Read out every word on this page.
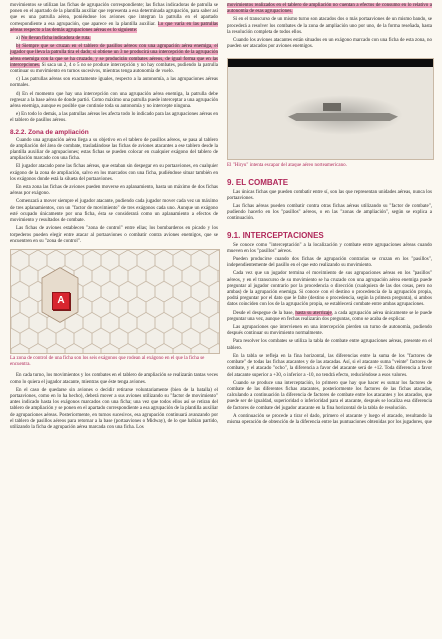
movimientos se utilizan las fichas de agrupación correspondiente; las fichas indicadoras de patrulla se ponen en el apartado de la plantilla auxiliar que representa a esa determinada agrupación, para saber así que es una patrulla aérea, poniéndose los aviones que integran la patrulla en el apartado correspondiente a esa agrupación, que aparece en la plantilla auxiliar. Lo que varía en las patrullas aéreas respecto a las demás agrupaciones aéreas es lo siguiente:

a) No llevan ficha indicadora de ruta.

b) Siempre que se cruzan en el tablero de pasillos aéreos con una agrupación aérea enemiga, el jugador que lleva la patrulla tira el dado; si obtiene un 3 ne producirá una intercepción de la agrupación aérea enemiga con la que se ha cruzado, y se producirán combates aéreos, de igual forma que en las intercepciones. Si saca un 2, 4 o 5 no se produce intercepción y no hay combates, pudiendo la patrulla continuar su movimiento en turnos sucesivos, mientras tenga autonomía de vuelo.

c) Las patrullas aéreas son exactamente iguales, respecto a la autonomía, a las agrupaciones aéreas normales.

d) En el momento que hay una intercepción con una agrupación aérea enemiga, la patrulla debe regresar a la base aérea de donde partió. Como máximo una patrulla puede interceptar a una agrupación aérea enemiga, aunque es posible que continúe toda su autonomía y no intercepte ninguna.

e) En todo lo demás, a las patrullas aéreas les afecta todo lo indicado para las agrupaciones aéreas en el tablero de pasillos aéreos.

8.2.2. Zona de ampliación

Cuando una agrupación aérea llega a su objetivo en el tablero de pasillos aéreos, se pasa al tablero de ampliación del área de combate, trasladándose las fichas de aviones atacantes a ese tablero desde la plantilla auxiliar de agrupaciones; estas fichas se pueden colocar en cualquier exágono del tablero de ampliación marcado con una ficha.

El jugador atacado pone las fichas aéreas, que estaban sin despegar en su portaaviones, en cualquier exágono de la zona de ampliación, salvo en los marcados con una ficha, pudiéndose situar también en los exágonos donde está la silueta del portaaviones.

En esta zona las fichas de aviones pueden moverse en aplanamiento, hasta un máximo de dos fichas aéreas por exágono.

Comenzará a mover siempre el jugador atacante, pudiendo cada jugador mover cada vez un máximo de tres aplanamientos, con un "factor de movimiento" de tres exágonos cada uno. Aunque un exágono esté ocupado únicamente por una ficha, ésta se considerará como un aplanamiento a efectos de movimiento y resultados de combate.

Las fichas de aviones establecen "zona de control" entre ellas; los bombarderos en picado y los torpederos pueden elegir entre atacar al portaaviones o combatir contra aviones enemigos, que se encuentren en su "zona de control".

A

La zona de control de una ficha son los seis exágonos que rodean al exágono en el que la ficha se encuentra.

En cada turno, los movimientos y los combates en el tablero de ampliación se realizarán tantas veces como lo quiera el jugador atacante, mientras que éste tenga aviones.

En el caso de quedarse sin aviones o decidir retirarse voluntariamente (bien de la batalla) el portaaviones, como en lo ha hecho), deberá mover a sus aviones utilizando su "factor de movimiento" antes indicado hasta los exágonos marcados con una ficha; una vez que todos ellos así se retiran del tablero de ampliación y se ponen en el apartado correspondiente a esa agrupación de la plantilla auxiliar de agrupaciones aéreas. Posteriormente, en turnos sucesivos, esa agrupación continuará avanzando por el tablero de pasillos aéreos para retornar a la base (portaaviones o Midway), de lo que habían partido, utilizando la ficha de agrupación aérea marcada con una ficha. Los

movimientos realizados en el tablero de ampliación no cuentan a efectos de consumo en lo relativo a autonomía de esas agrupaciones.

Si en el transcurso de un mismo turno son atacados dos o más portaaviones de un mismo bando, se procederá a resolver los combates de la zona de ampliación uno por uno, de la forma reseñada, hasta la resolución completa de todos ellos.

Cuando los aviones atacantes están situados en un exágono marcado con una ficha de esta zona, no pueden ser atacados por aviones enemigos.

El "Hiryu" intenta escapar del ataque aéreo norteamericano.

9. EL COMBATE

Las únicas fichas que pueden combatir entre sí, son las que representan unidades aéreas, nunca los portaaviones.

Las fichas aéreas pueden combatir contra otras fichas aéreas utilizando su "factor de combate", pudiendo hacerlo en los "pasillos" aéreos, o en las "zonas de ampliación", según se explica a continuación.

9.1. INTERCEPTACIONES

Se conoce como "interceptación" a la localización y combate entre agrupaciones aéreas cuando mueven en los "pasillos" aéreos.

Pueden producirse cuando dos fichas de agrupación contrarias se cruzan en los "pasillos", independientemente del pasillo en el que esto realizando su movimiento.

Cada vez que un jugador termina el movimiento de sus agrupaciones aéreas en los "pasillos" aéreos, y en el transcurso de su movimiento se ha cruzado con una agrupación aérea enemiga puede preguntar al jugador contrario por la procedencia o dirección (cualquiera de las dos cosas, pero no ambas) de la agrupación enemiga. Si conoce con el destino o procedencia de la agrupación propia, podrá preguntar por el dato que le falte (destino o procedencia, según la primera pregunta), si ambos datos coinciden con los de la agrupación propia, se establecerá combate entre ambas agrupaciones.

Desde el despegue de la base, hasta su aterrizaje, a cada agrupación aérea únicamente se le puede preguntar una vez, aunque en fechas realizarán dos preguntas, como se acaba de explicar.

Las agrupaciones que intervienen en una intercepción pierden un turno de autonomía, pudiendo después continuar su movimiento normalmente.

Para resolver los combates se utiliza la tabla de combate entre agrupaciones aéreas, presente en el tablero.

En la tabla se refleja en la fina horizontal, las diferencias entre la suma de los "factores de combate" de todas las fichas atacantes y de las atacadas. Así, si el atacante suma "veinte" factores de combate, y el atacado "ocho", la diferencia a favor del atacante será de +12. Toda diferencia a favor del atacante superior a +30, o inferior a -10, no tendrá efecto, reduciéndose a esos valores.

Cuando se produce una interceptación, lo primero que hay que hacer es sumar los factores de combate de las diferentes fichas atacantes, posteriormente los factores de las fichas atacadas, calculando a continuación la diferencia de factores de combate entre los atacantes y los atacados, que puede ser de igualdad, superioridad o inferioridad para el atacante, después se localiza esa diferencia de factores de combate del jugador atacante en la fina horizontal de la tabla de resolución.

A continuación se procede a tirar el dado, primero el atacante y luego el atacado, resultando la misma operación de obtención de la diferencia entre las puntuaciones obtenidas por los jugadores, que
